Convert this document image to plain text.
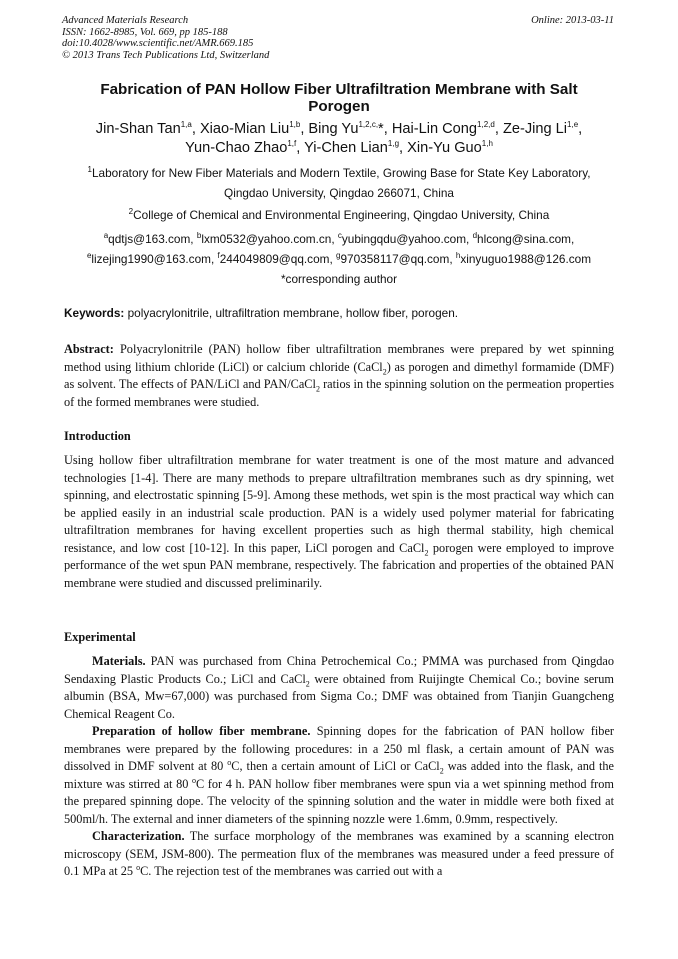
Advanced Materials Research
ISSN: 1662-8985, Vol. 669, pp 185-188
doi:10.4028/www.scientific.net/AMR.669.185
© 2013 Trans Tech Publications Ltd, Switzerland
Online: 2013-03-11
Fabrication of PAN Hollow Fiber Ultrafiltration Membrane with Salt
Porogen
Jin-Shan Tan$^{1,a}$, Xiao-Mian Liu$^{1,b}$, Bing $Yu^{1,2,c,}*$, Hai-Lin Cong$^{1,2,d}$, Ze-Jing Li$^{1,e}$,
Yun-Chao Zhao$^{1,f}$, Yi-Chen Lian$^{1,g}$, Xin-Yu Guo$^{1,h}$
$^1$Laboratory for New Fiber Materials and Modern Textile, Growing Base for State Key Laboratory,
Qingdao University, Qingdao 266071, China
$^2$College of Chemical and Environmental Engineering, Qingdao University, China
$^a$qdtjs@163.com, $^b$lxm0532@yahoo.com.cn, $^c$yubingqdu@yahoo.com, $^d$hlcong@sina.com,
$^e$lizejing1990@163.com, $^f$244049809@qq.com, $^g$970358117@qq.com, $^h$xinyuguo1988@126.com
*corresponding author
Keywords: polyacrylonitrile, ultrafiltration membrane, hollow fiber, porogen.

Abstract: Polyacrylonitrile (PAN) hollow fiber ultrafiltration membranes were prepared by wet spinning method using lithium chloride (LiCl) or calcium chloride (CaCl$_2$) as porogen and dimethyl formamide (DMF) as solvent. The effects of PAN/LiCl and PAN/CaCl$_2$ ratios in the spinning solution on the permeation properties of the formed membranes were studied.

Introduction

Using hollow fiber ultrafiltration membrane for water treatment is one of the most mature and advanced technologies [1-4]. There are many methods to prepare ultrafiltration membranes such as dry spinning, wet spinning, and electrostatic spinning [5-9]. Among these methods, wet spin is the most practical way which can be applied easily in an industrial scale production. PAN is a widely used polymer material for fabricating ultrafiltration membranes for having excellent properties such as high thermal stability, high chemical resistance, and low cost [10-12]. In this paper, LiCl porogen and CaCl$_2$ porogen were employed to improve performance of the wet spun PAN membrane, respectively. The fabrication and properties of the obtained PAN membrane were studied and discussed preliminarily.

Experimental

Materials. PAN was purchased from China Petrochemical Co.; PMMA was purchased from Qingdao Sendaxing Plastic Products Co.; LiCl and CaCl$_2$ were obtained from Ruijingte Chemical Co.; bovine serum albumin (BSA, Mw=67,000) was purchased from Sigma Co.; DMF was obtained from Tianjin Guangcheng Chemical Reagent Co.

Preparation of hollow fiber membrane. Spinning dopes for the fabrication of PAN hollow fiber membranes were prepared by the following procedures: in a 250 ml flask, a certain amount of PAN was dissolved in DMF solvent at 80 $^o$C, then a certain amount of LiCl or CaCl$_2$ was added into the flask, and the mixture was stirred at 80 $^o$C for 4 h. PAN hollow fiber membranes were spun via a wet spinning method from the prepared spinning dope. The velocity of the spinning solution and the water in middle were both fixed at 500ml/h. The external and inner diameters of the spinning nozzle were 1.6mm, 0.9mm, respectively.

Characterization. The surface morphology of the membranes was examined by a scanning electron microscopy (SEM, JSM-800). The permeation flux of the membranes was measured under a feed pressure of 0.1 MPa at 25 $^o$C. The rejection test of the membranes was carried out with a
